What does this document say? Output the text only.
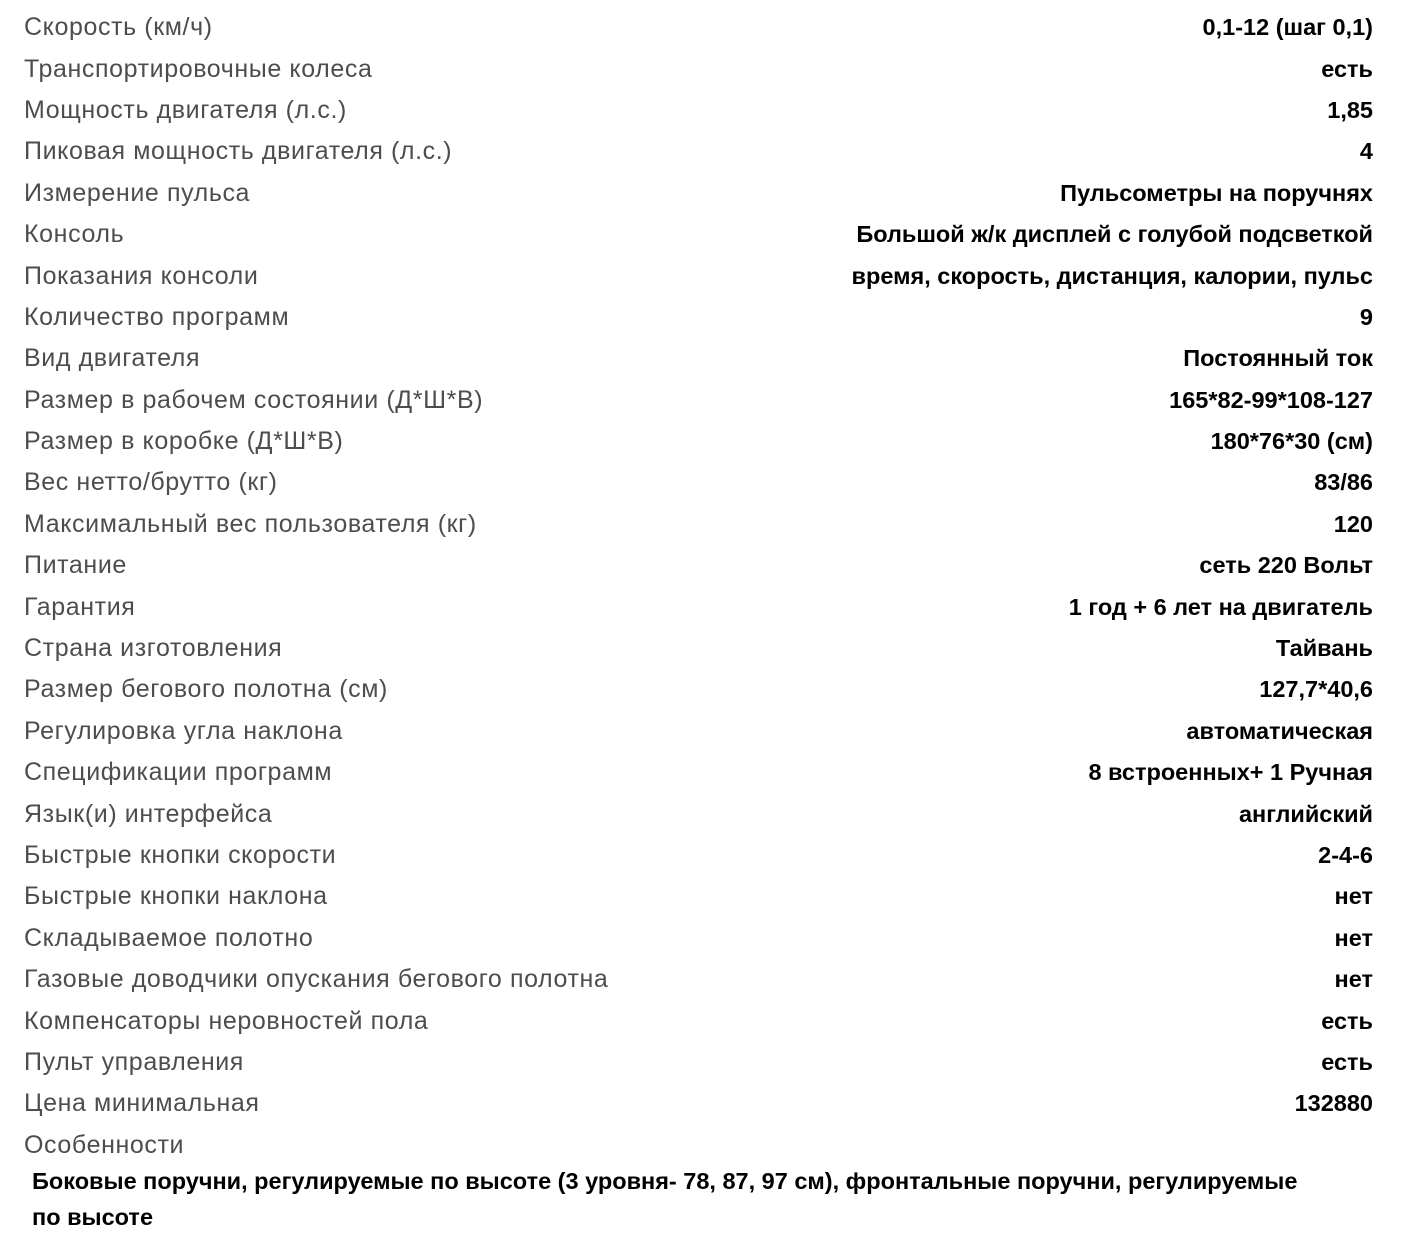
Скорость (км/ч)	0,1-12 (шаг 0,1)
Транспортировочные колеса	есть
Мощность двигателя (л.с.)	1,85
Пиковая мощность двигателя (л.с.)	4
Измерение пульса	Пульсометры на поручнях
Консоль	Большой ж/к дисплей с голубой подсветкой
Показания консоли	время, скорость, дистанция, калории, пульс
Количество программ	9
Вид двигателя	Постоянный ток
Размер в рабочем состоянии (Д*Ш*В)	165*82-99*108-127
Размер в коробке (Д*Ш*В)	180*76*30 (см)
Вес нетто/брутто (кг)	83/86
Максимальный вес пользователя (кг)	120
Питание	сеть 220 Вольт
Гарантия	1 год + 6 лет на двигатель
Страна изготовления	Тайвань
Размер бегового полотна (см)	127,7*40,6
Регулировка угла наклона	автоматическая
Спецификации программ	8 встроенных+ 1 Ручная
Язык(и) интерфейса	английский
Быстрые кнопки скорости	2-4-6
Быстрые кнопки наклона	нет
Складываемое полотно	нет
Газовые доводчики опускания бегового полотна	нет
Компенсаторы неровностей пола	есть
Пульт управления	есть
Цена минимальная	132880
Особенности
Боковые поручни, регулируемые по высоте (3 уровня- 78, 87, 97 см), фронтальные поручни, регулируемые по высоте
